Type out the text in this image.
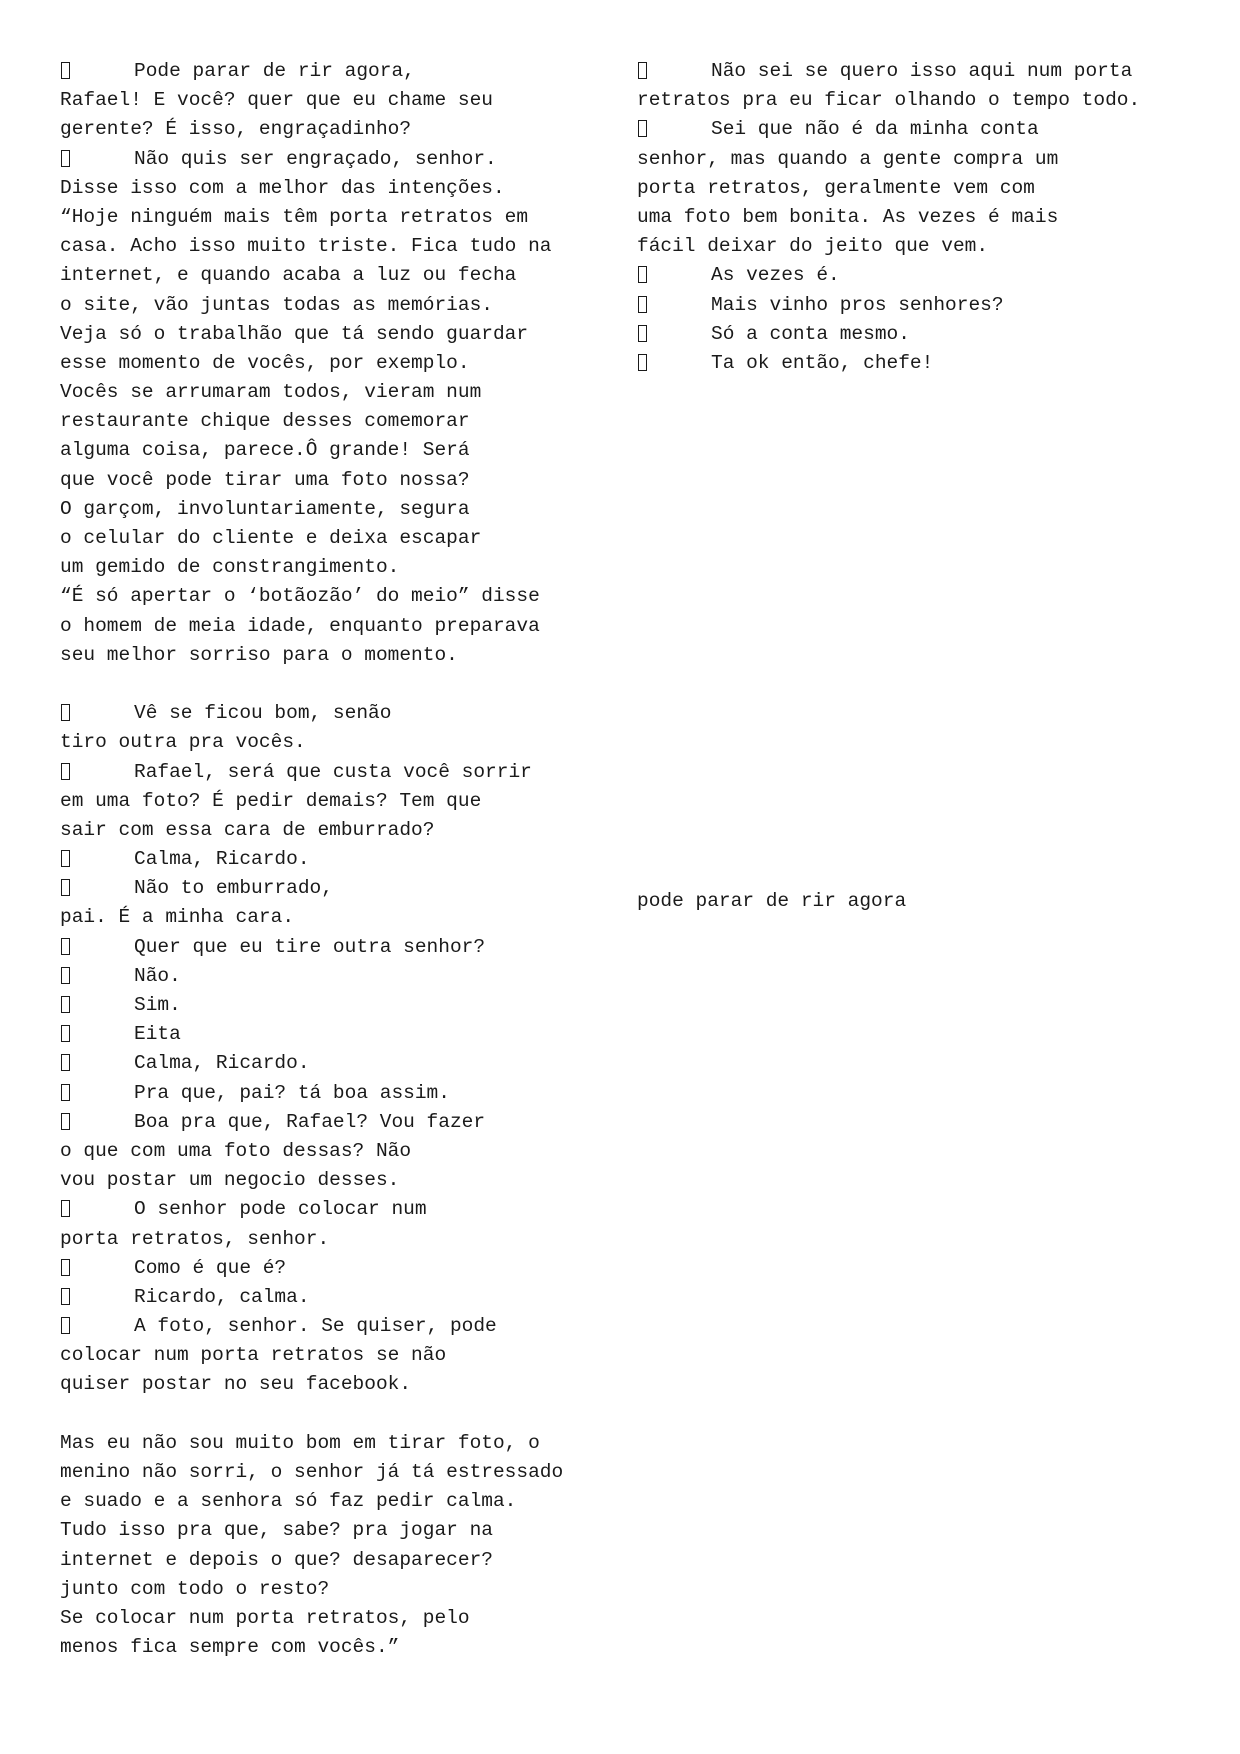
Pode parar de rir agora,
Rafael! E você? quer que eu chame seu
gerente? É isso, engraçadinho?
Não quis ser engraçado, senhor.
Disse isso com a melhor das intenções.
“Hoje ninguém mais têm porta retratos em
casa. Acho isso muito triste. Fica tudo na
internet, e quando acaba a luz ou fecha
o site, vão juntas todas as memórias.
Veja só o trabalhão que tá sendo guardar
esse momento de vocês, por exemplo.
Vocês se arrumaram todos, vieram num
restaurante chique desses comemorar
alguma coisa, parece.Ô grande! Será
que você pode tirar uma foto nossa?
O garçom, involuntariamente, segura
o celular do cliente e deixa escapar
um gemido de constrangimento.
“É só apertar o ‘botãozão’ do meio” disse
o homem de meia idade, enquanto preparava
seu melhor sorriso para o momento.
Vê se ficou bom, senão
tiro outra pra vocês.
Rafael, será que custa você sorrir
em uma foto? É pedir demais? Tem que
sair com essa cara de emburrado?
Calma, Ricardo.
Não to emburrado,
pai. É a minha cara.
Quer que eu tire outra senhor?
Não.
Sim.
Eita
Calma, Ricardo.
Pra que, pai? tá boa assim.
Boa pra que, Rafael? Vou fazer
o que com uma foto dessas? Não
vou postar um negocio desses.
O senhor pode colocar num
porta retratos, senhor.
Como é que é?
Ricardo, calma.
A foto, senhor. Se quiser, pode
colocar num porta retratos se não
quiser postar no seu facebook.
Mas eu não sou muito bom em tirar foto, o
menino não sorri, o senhor já tá estressado
e suado e a senhora só faz pedir calma.
Tudo isso pra que, sabe? pra jogar na
internet e depois o que? desaparecer?
junto com todo o resto?
Se colocar num porta retratos, pelo
menos fica sempre com vocês.”
Não sei se quero isso aqui num porta
retratos pra eu ficar olhando o tempo todo.
Sei que não é da minha conta
senhor, mas quando a gente compra um
porta retratos, geralmente vem com
uma foto bem bonita. As vezes é mais
fácil deixar do jeito que vem.
As vezes é.
Mais vinho pros senhores?
Só a conta mesmo.
Ta ok então, chefe!
pode parar de rir agora
